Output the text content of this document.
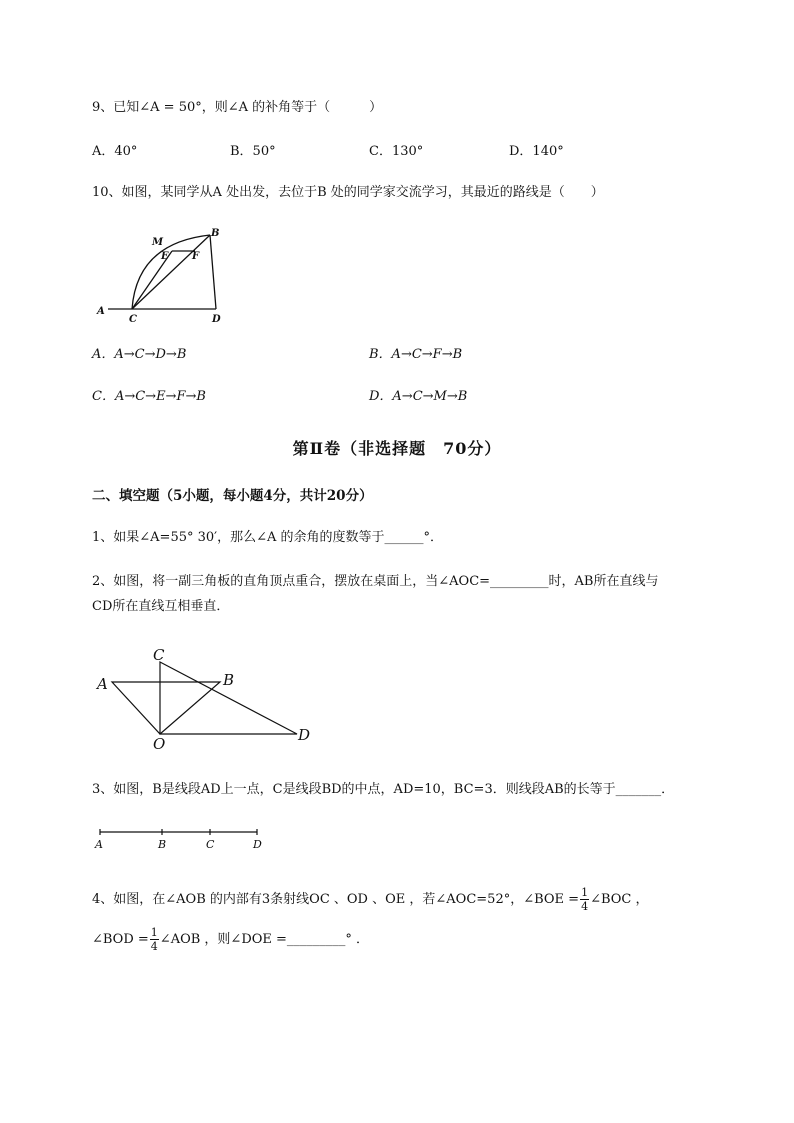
9、已知∠A = 50°，则∠A 的补角等于（　　　）
A．40°	B．50°	C．130°	D．140°
10、如图，某同学从A 处出发，去位于B 处的同学家交流学习，其最近的路线是（　　）
M
B
E F
A
C	D
A．A→C→D→B	B．A→C→F→B
C．A→C→E→F→B	D．A→C→M→B
第Ⅱ卷（非选择题　70分）
二、填空题（5小题，每小题4分，共计20分）
1、如果∠A=55° 30′，那么∠A 的余角的度数等于______°．
2、如图，将一副三角板的直角顶点重合，摆放在桌面上，当∠AOC=_________时，AB所在直线与
CD所在直线互相垂直．
C
A	B
O	D
3、如图，B是线段AD上一点，C是线段BD的中点，AD=10，BC=3．则线段AB的长等于_______．
A	B	C	D
4、如图，在∠AOB 的内部有3条射线OC 、OD 、OE ，若∠AOC=52°，∠BOE = $\frac{1}{4}$ ∠BOC ，
∠BOD = $\frac{1}{4}$ ∠AOB ，则∠DOE =_________° ．
